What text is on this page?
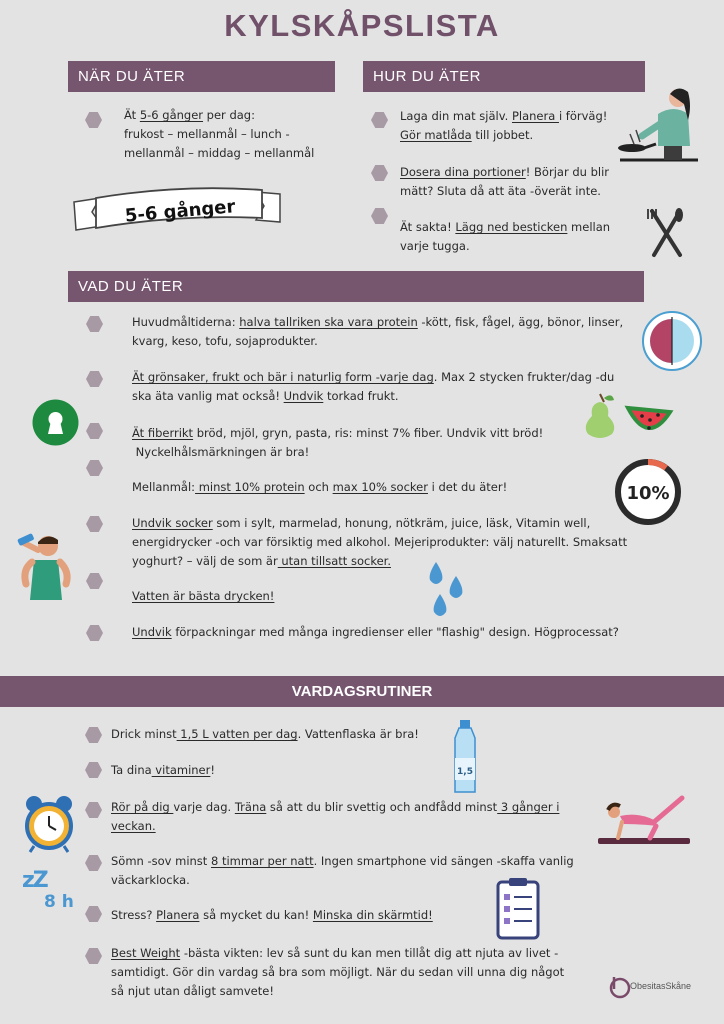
KYLSKÅPSLISTA
NÄR DU ÄTER
Ät 5-6 gånger per dag:
frukost – mellanmål – lunch -
mellanmål – middag – mellanmål
5-6 gånger
HUR DU ÄTER
Laga din mat själv. Planera i förväg!
Gör matlåda till jobbet.
Dosera dina portioner! Börjar du blir
mätt? Sluta då att äta -överät inte.
Ät sakta! Lägg ned besticken mellan
varje tugga.
VAD DU ÄTER
Huvudmåltiderna: halva tallriken ska vara protein -kött, fisk, fågel, ägg, bönor, linser,
kvarg, keso, tofu, sojaprodukter.
Ät grönsaker, frukt och bär i naturlig form -varje dag. Max 2 stycken frukter/dag -du
ska äta vanlig mat också! Undvik torkad frukt.
Ät fiberrikt bröd, mjöl, gryn, pasta, ris: minst 7% fiber. Undvik vitt bröd!
Nyckelhålsmärkningen är bra!
Mellanmål: minst 10% protein och max 10% socker i det du äter!
Undvik socker som i sylt, marmelad, honung, nötkräm, juice, läsk, Vitamin well,
energidrycker -och var försiktig med alkohol. Mejeriprodukter: välj naturellt. Smaksatt
yoghurt? – välj de som är utan tillsatt socker.
Vatten är bästa drycken!
Undvik förpackningar med många ingredienser eller "flashig" design. Högprocessat?
10%
VARDAGSRUTINER
Drick minst 1,5 L vatten per dag. Vattenflaska är bra!
Ta dina vitaminer!
Rör på dig varje dag. Träna så att du blir svettig och andfådd minst 3 gånger i
veckan.
Sömn -sov minst 8 timmar per natt. Ingen smartphone vid sängen -skaffa vanlig
väckarklocka.
Stress? Planera så mycket du kan! Minska din skärmtid!
Best Weight -bästa vikten: lev så sunt du kan men tillåt dig att njuta av livet -
samtidigt. Gör din vardag så bra som möjligt. När du sedan vill unna dig något
så njut utan dåligt samvete!
1,5
zZ
8 h
ObesitasSkåne
